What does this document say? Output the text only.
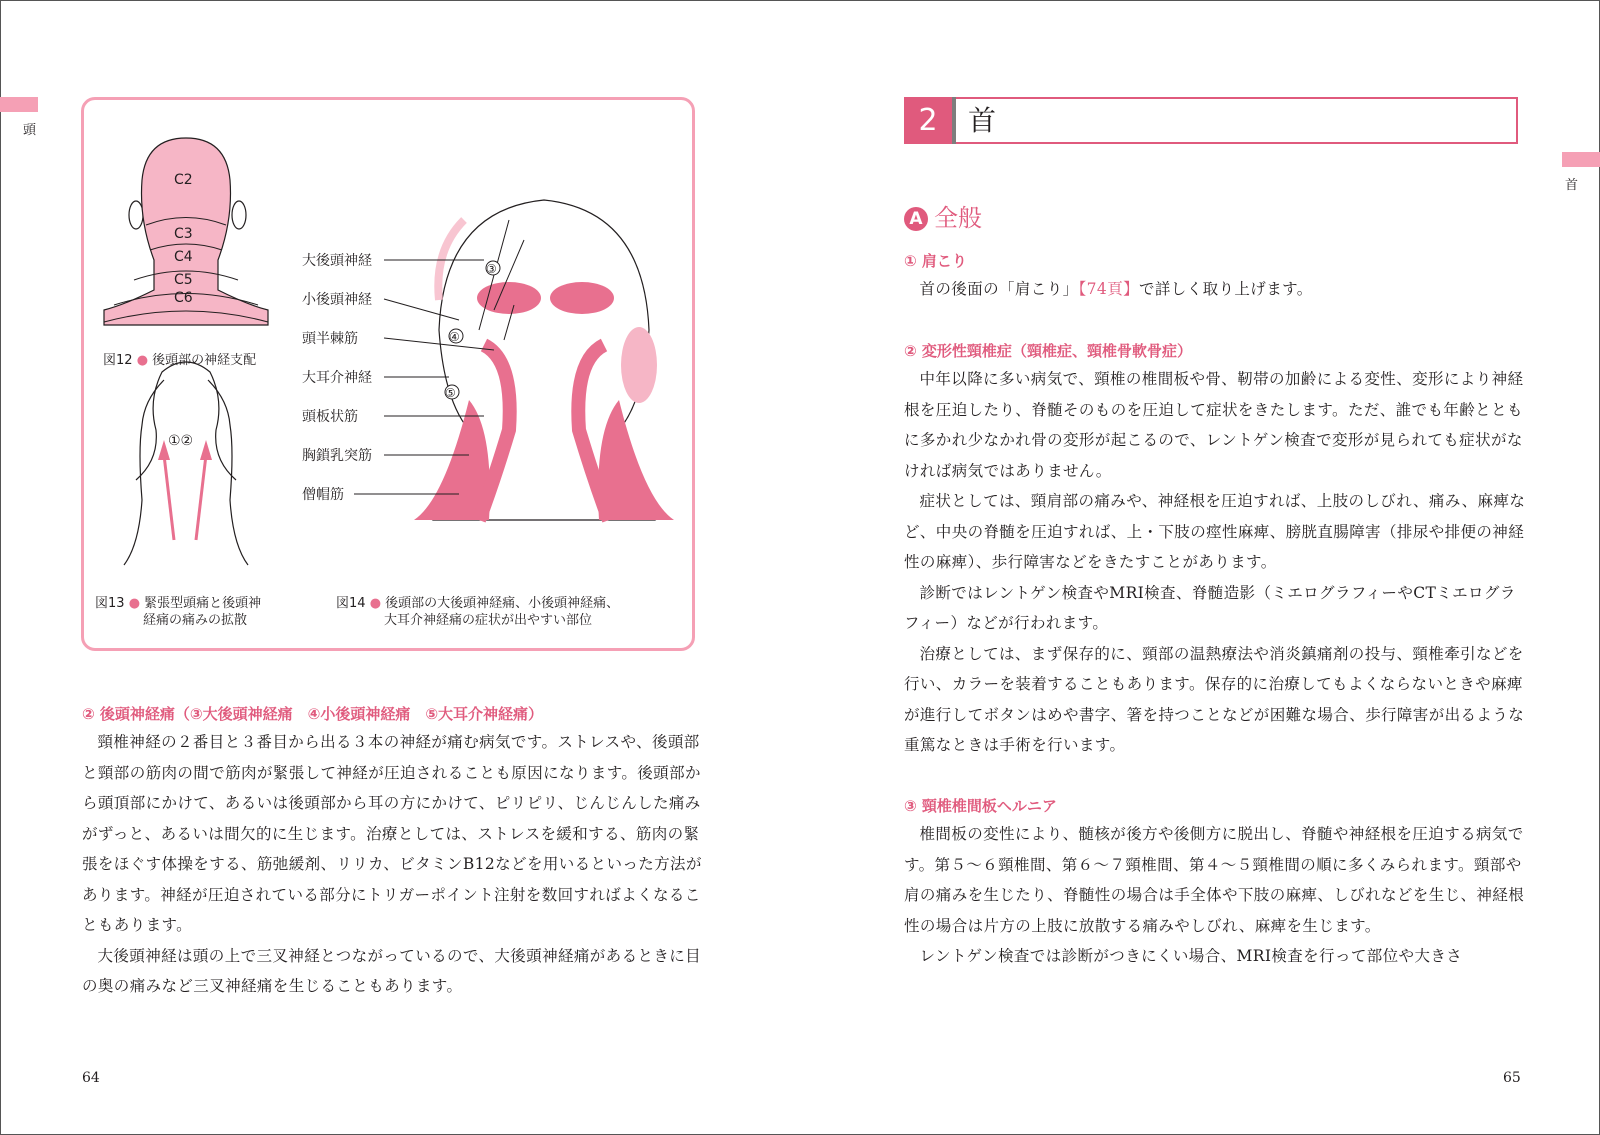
頭
C2
C3
C4
C5
C6
①②
大後頭神経
小後頭神経
頭半棘筋
大耳介神経
頭板状筋
胸鎖乳突筋
僧帽筋
③
④
⑤
図12 ● 後頭部の神経支配
図13 ● 緊張型頭痛と後頭神
経痛の痛みの拡散
図14 ● 後頭部の大後頭神経痛、小後頭神経痛、
大耳介神経痛の症状が出やすい部位
② 後頭神経痛（③大後頭神経痛　④小後頭神経痛　⑤大耳介神経痛）

頸椎神経の２番目と３番目から出る３本の神経が痛む病気です。ストレスや、後頭部と頸部の筋肉の間で筋肉が緊張して神経が圧迫されることも原因になります。後頭部から頭頂部にかけて、あるいは後頭部から耳の方にかけて、ピリピリ、じんじんした痛みがずっと、あるいは間欠的に生じます。治療としては、ストレスを緩和する、筋肉の緊張をほぐす体操をする、筋弛緩剤、リリカ、ビタミンB12などを用いるといった方法があります。神経が圧迫されている部分にトリガーポイント注射を数回すればよくなることもあります。

大後頭神経は頭の上で三叉神経とつながっているので、大後頭神経痛があるときに目の奥の痛みなど三叉神経痛を生じることもあります。

64
首
2	首
A 全般
① 肩こり

首の後面の「肩こり」【74頁】で詳しく取り上げます。

② 変形性頸椎症（頸椎症、頸椎骨軟骨症）

中年以降に多い病気で、頸椎の椎間板や骨、靭帯の加齢による変性、変形により神経根を圧迫したり、脊髄そのものを圧迫して症状をきたします。ただ、誰でも年齢とともに多かれ少なかれ骨の変形が起こるので、レントゲン検査で変形が見られても症状がなければ病気ではありません。

症状としては、頸肩部の痛みや、神経根を圧迫すれば、上肢のしびれ、痛み、麻痺など、中央の脊髄を圧迫すれば、上・下肢の痙性麻痺、膀胱直腸障害（排尿や排便の神経性の麻痺）、歩行障害などをきたすことがあります。

診断ではレントゲン検査やMRI検査、脊髄造影（ミエログラフィーやCTミエログラフィー）などが行われます。

治療としては、まず保存的に、頸部の温熱療法や消炎鎮痛剤の投与、頸椎牽引などを行い、カラーを装着することもあります。保存的に治療してもよくならないときや麻痺が進行してボタンはめや書字、箸を持つことなどが困難な場合、歩行障害が出るような重篤なときは手術を行います。

③ 頸椎椎間板ヘルニア

椎間板の変性により、髄核が後方や後側方に脱出し、脊髄や神経根を圧迫する病気です。第５～６頸椎間、第６～７頸椎間、第４～５頸椎間の順に多くみられます。頸部や肩の痛みを生じたり、脊髄性の場合は手全体や下肢の麻痺、しびれなどを生じ、神経根性の場合は片方の上肢に放散する痛みやしびれ、麻痺を生じます。

レントゲン検査では診断がつきにくい場合、MRI検査を行って部位や大きさ

65
